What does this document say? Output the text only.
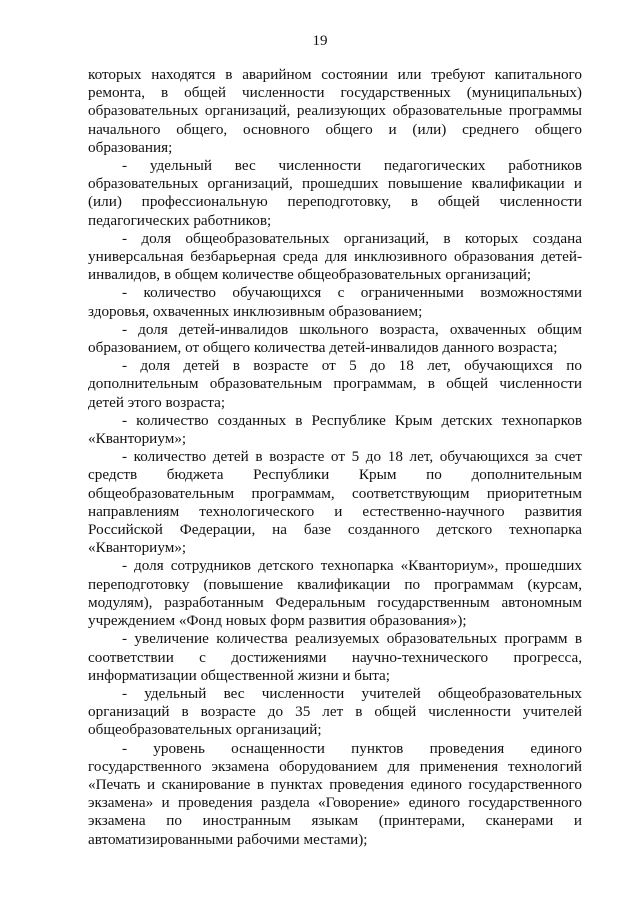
19

которых находятся в аварийном состоянии или требуют капитального ремонта, в общей численности государственных (муниципальных) образовательных организаций, реализующих образовательные программы начального общего, основного общего и (или) среднего общего образования;

- удельный вес численности педагогических работников образовательных организаций, прошедших повышение квалификации и (или) профессиональную переподготовку, в общей численности педагогических работников;

- доля общеобразовательных организаций, в которых создана универсальная безбарьерная среда для инклюзивного образования детей-инвалидов, в общем количестве общеобразовательных организаций;

- количество обучающихся с ограниченными возможностями здоровья, охваченных инклюзивным образованием;

- доля детей-инвалидов школьного возраста, охваченных общим образованием, от общего количества детей-инвалидов данного возраста;

- доля детей в возрасте от 5 до 18 лет, обучающихся по дополнительным образовательным программам, в общей численности детей этого возраста;

- количество созданных в Республике Крым детских технопарков «Кванториум»;

- количество детей в возрасте от 5 до 18 лет, обучающихся за счет средств бюджета Республики Крым по дополнительным общеобразовательным программам, соответствующим приоритетным направлениям технологического и естественно-научного развития Российской Федерации, на базе созданного детского технопарка «Кванториум»;

- доля сотрудников детского технопарка «Кванториум», прошедших переподготовку (повышение квалификации по программам (курсам, модулям), разработанным Федеральным государственным автономным учреждением «Фонд новых форм развития образования»);

- увеличение количества реализуемых образовательных программ в соответствии с достижениями научно-технического прогресса, информатизации общественной жизни и быта;

- удельный вес численности учителей общеобразовательных организаций в возрасте до 35 лет в общей численности учителей общеобразовательных организаций;

- уровень оснащенности пунктов проведения единого государственного экзамена оборудованием для применения технологий «Печать и сканирование в пунктах проведения единого государственного экзамена» и проведения раздела «Говорение» единого государственного экзамена по иностранным языкам (принтерами, сканерами и автоматизированными рабочими местами);
